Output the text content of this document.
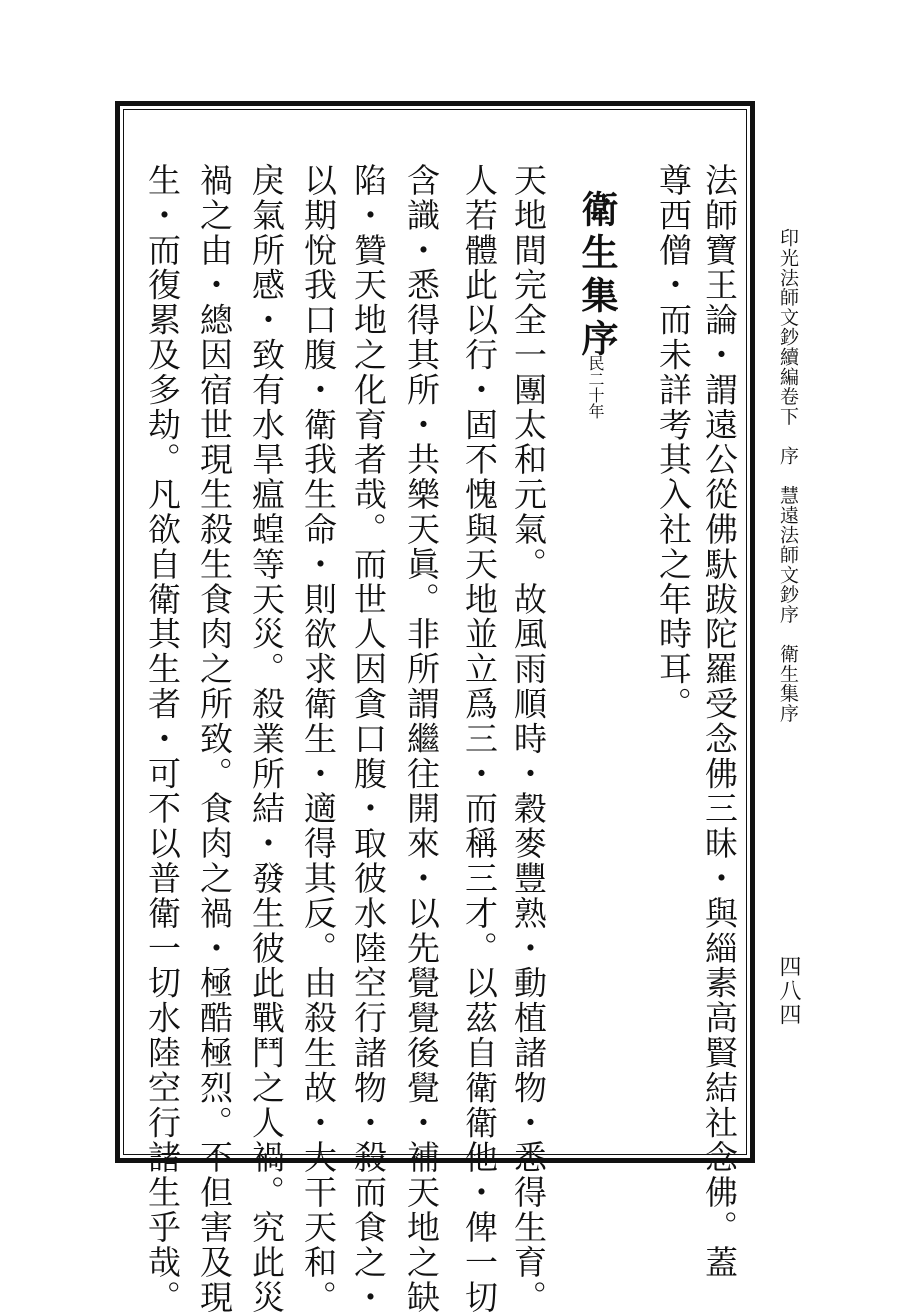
印光法師文鈔續編卷下　序　慧遠法師文鈔序　衛生集序
四八四
法師寶王論・謂遠公從佛馱跋陀羅受念佛三昧・與緇素高賢結社念佛。蓋
尊西僧・而未詳考其入社之年時耳。
衛生集序
民二十年
天地間完全一團太和元氣。故風雨順時・穀麥豐熟・動植諸物・悉得生育。
人若體此以行・固不愧與天地並立爲三・而稱三才。以茲自衛衛他・俾一切
含識・悉得其所・共樂天眞。非所謂繼往開來・以先覺覺後覺・補天地之缺
陷・贊天地之化育者哉。而世人因貪口腹・取彼水陸空行諸物・殺而食之・
以期悅我口腹・衛我生命・則欲求衛生・適得其反。由殺生故・大干天和。
戾氣所感・致有水旱瘟蝗等天災。殺業所結・發生彼此戰鬥之人禍。究此災
禍之由・總因宿世現生殺生食肉之所致。食肉之禍・極酷極烈。不但害及現
生・而復累及多劫。凡欲自衛其生者・可不以普衛一切水陸空行諸生乎哉。
